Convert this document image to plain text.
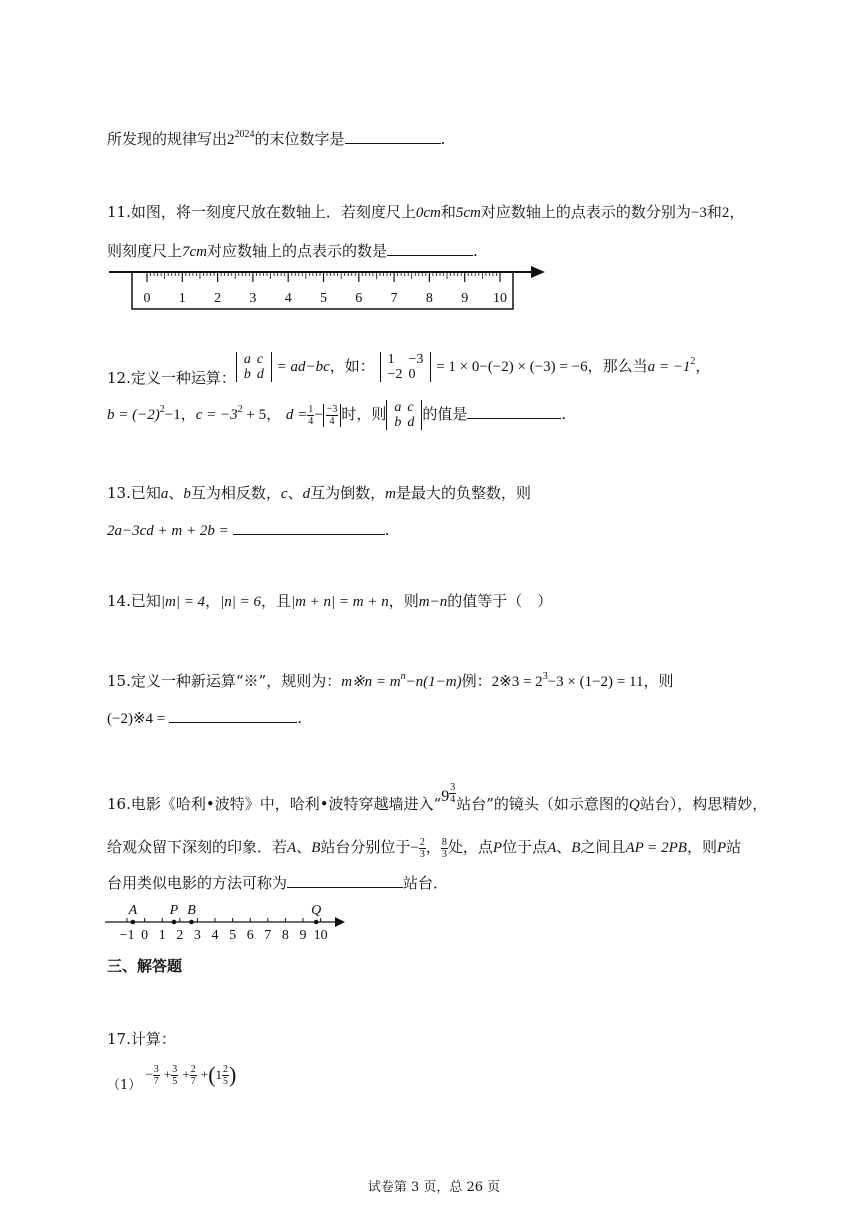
所发现的规律写出$2^{2024}$的末位数字是	.
11.如图，将一刻度尺放在数轴上．若刻度尺上0cm和5cm对应数轴上的点表示的数分别为−3和2，
则刻度尺上7cm对应数轴上的点表示的数是	.
0 1 2 3 4 5 6 7 8 9 10
12.定义一种运算：
a	c
b	d = ad−bc，如： 1	−3
−2	0 = 1 × 0−(−2) × (−3) = −6，那么当$a = -1^2$，
$b = (-2)^2-1$，$c = -3^2 + 5$， $d = \frac{1}{4} - \frac{-3}{4}$ 时，则 a	c
b	d 的值是	.
13.已知a、b互为相反数，c、d互为倒数，m是最大的负整数，则
2a−3cd + m + 2b =	.
14.已知|m| = 4，|n| = 6，且|m + n| = m + n，则m−n的值等于（　）
15.定义一种新运算“※”，规则为：m※n = $m^n-n(1-m)$例：2※3 = $2^3-3 \times (1-2) = 11$，则
(−2)※4 =	.
16.电影《哈利•波特》中，哈利•波特穿越墙进入“$9 \frac{3}{4}$ 站台”的镜头（如示意图的Q站台），构思精妙，
给观众留下深刻的印象．若A、B站台分别位于− $\frac{2}{3}$ ， $\frac{8}{3}$ 处，点P位于点A、B之间且AP = 2PB，则P站
台用类似电影的方法可称为	站台．
−1 0 1 2 3 4 5 6 7 8 9 10
A P B	Q
三、解答题
17.计算：
$(1) - \frac{3}{7} + \frac{3}{5} + \frac{2}{7} +(1 \frac{2}{5}$ )
试卷第 3 页，总 26 页
